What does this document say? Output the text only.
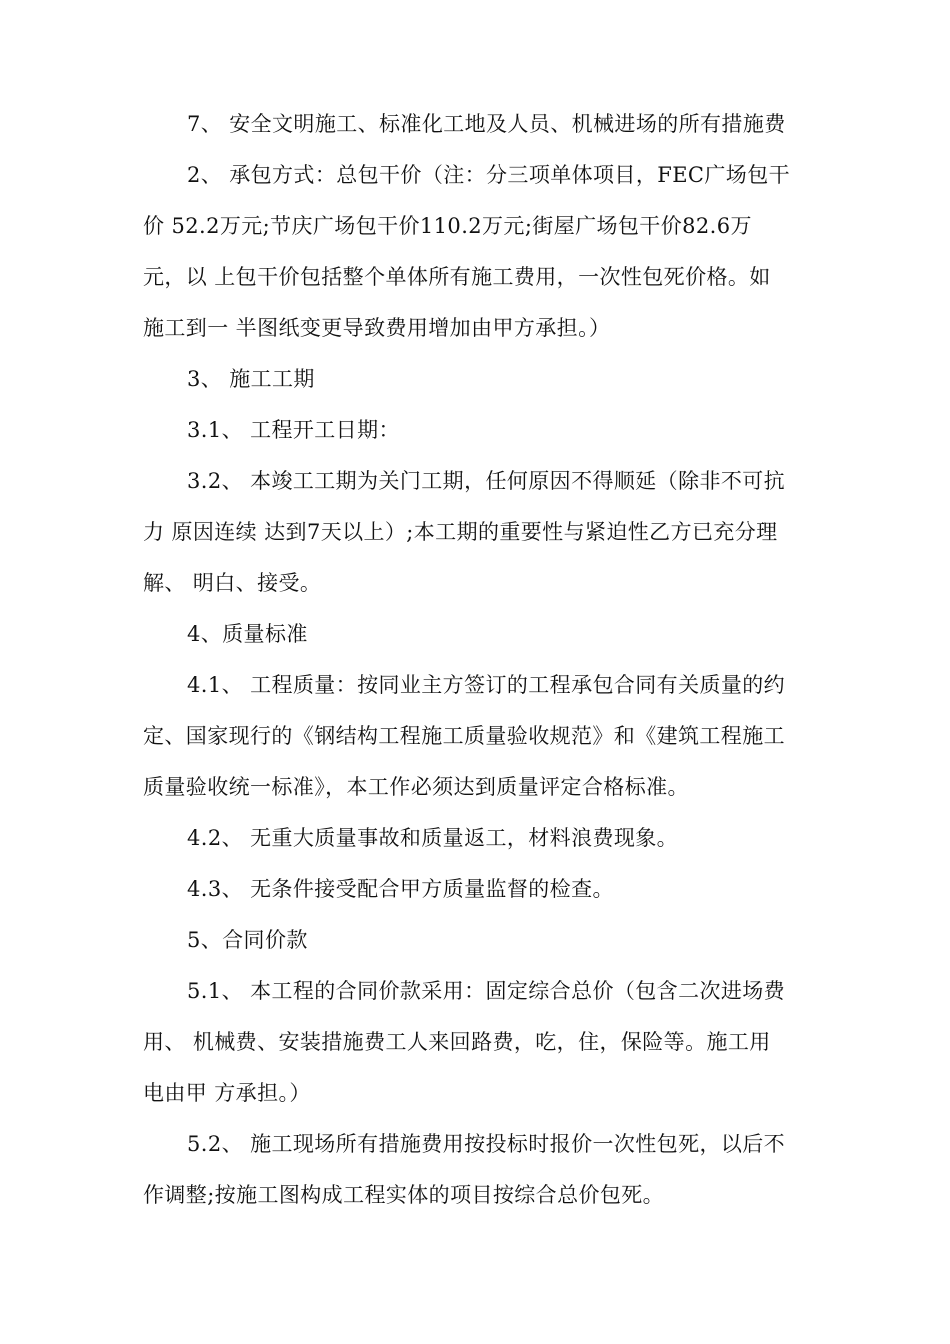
7、 安全文明施工、标准化工地及人员、机械进场的所有措施费
2、 承包方式：总包干价（注：分三项单体项目，FEC广场包干
价 52.2万元;节庆广场包干价110.2万元;街屋广场包干价82.6万
元，以 上包干价包括整个单体所有施工费用，一次性包死价格。如
施工到一 半图纸变更导致费用增加由甲方承担。）
3、 施工工期
3.1、 工程开工日期：
3.2、 本竣工工期为关门工期，任何原因不得顺延（除非不可抗
力 原因连续 达到7天以上）;本工期的重要性与紧迫性乙方已充分理
解、 明白、接受。
4、质量标准
4.1、 工程质量：按同业主方签订的工程承包合同有关质量的约
定、国家现行的《钢结构工程施工质量验收规范》和《建筑工程施工
质量验收统一标准》，本工作必须达到质量评定合格标准。
4.2、 无重大质量事故和质量返工，材料浪费现象。
4.3、 无条件接受配合甲方质量监督的检查。
5、合同价款
5.1、 本工程的合同价款采用：固定综合总价（包含二次进场费
用、 机械费、安装措施费工人来回路费，吃，住，保险等。施工用
电由甲 方承担。）
5.2、 施工现场所有措施费用按投标时报价一次性包死，以后不
作调整;按施工图构成工程实体的项目按综合总价包死。
